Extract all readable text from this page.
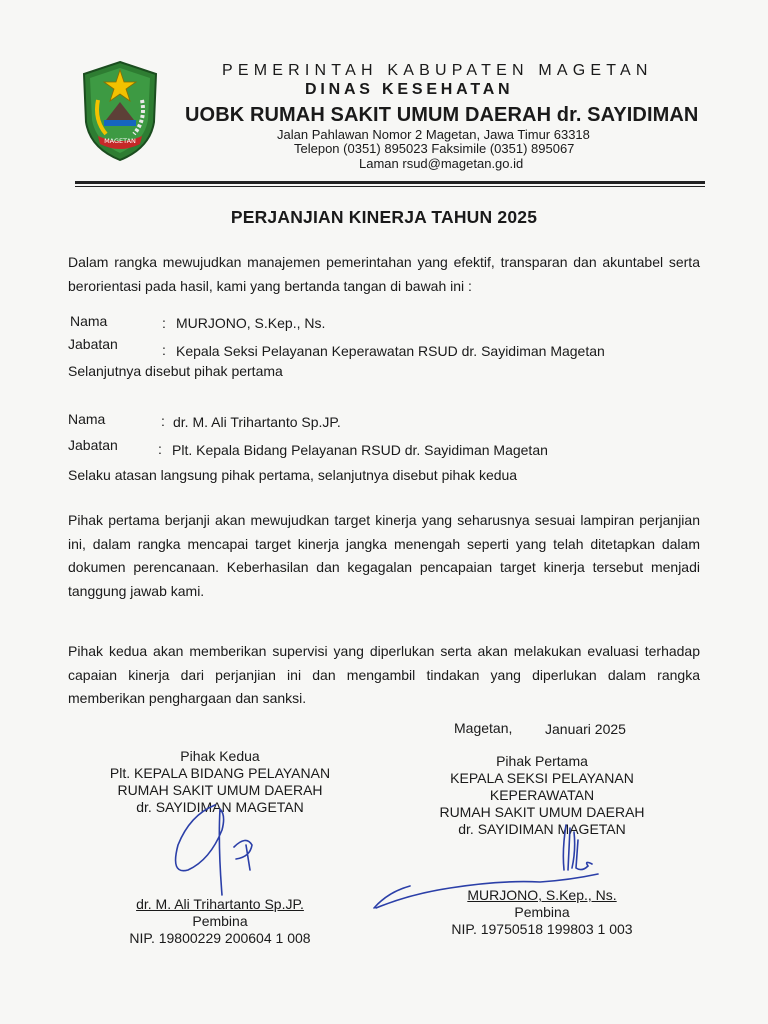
MAGETAN
PEMERINTAH KABUPATEN MAGETAN
DINAS KESEHATAN
UOBK RUMAH SAKIT UMUM DAERAH dr. SAYIDIMAN
Jalan Pahlawan Nomor 2 Magetan, Jawa Timur 63318
Telepon (0351) 895023 Faksimile (0351) 895067
Laman rsud@magetan.go.id
PERJANJIAN KINERJA TAHUN 2025
Dalam rangka mewujudkan manajemen pemerintahan yang efektif, transparan dan akuntabel serta berorientasi pada hasil, kami yang bertanda tangan di bawah ini :
Nama	: MURJONO, S.Kep., Ns.
Jabatan	: Kepala Seksi Pelayanan Keperawatan RSUD dr. Sayidiman Magetan
Selanjutnya disebut pihak pertama
Nama	: dr. M. Ali Trihartanto Sp.JP.
Jabatan	: Plt. Kepala Bidang Pelayanan RSUD dr. Sayidiman Magetan
Selaku atasan langsung pihak pertama, selanjutnya disebut pihak kedua
Pihak pertama berjanji akan mewujudkan target kinerja yang seharusnya sesuai lampiran perjanjian ini, dalam rangka mencapai target kinerja jangka menengah seperti yang telah ditetapkan dalam dokumen perencanaan. Keberhasilan dan kegagalan pencapaian target kinerja tersebut menjadi tanggung jawab kami.
Pihak kedua akan memberikan supervisi yang diperlukan serta akan melakukan evaluasi terhadap capaian kinerja dari perjanjian ini dan mengambil tindakan yang diperlukan dalam rangka memberikan penghargaan dan sanksi.
Magetan, Januari 2025
Pihak Kedua
Plt. KEPALA BIDANG PELAYANAN
RUMAH SAKIT UMUM DAERAH
dr. SAYIDIMAN MAGETAN
dr. M. Ali Trihartanto Sp.JP.
Pembina
NIP. 19800229 200604 1 008
Pihak Pertama
KEPALA SEKSI PELAYANAN
KEPERAWATAN
RUMAH SAKIT UMUM DAERAH
dr. SAYIDIMAN MAGETAN
MURJONO, S.Kep., Ns.
Pembina
NIP. 19750518 199803 1 003
